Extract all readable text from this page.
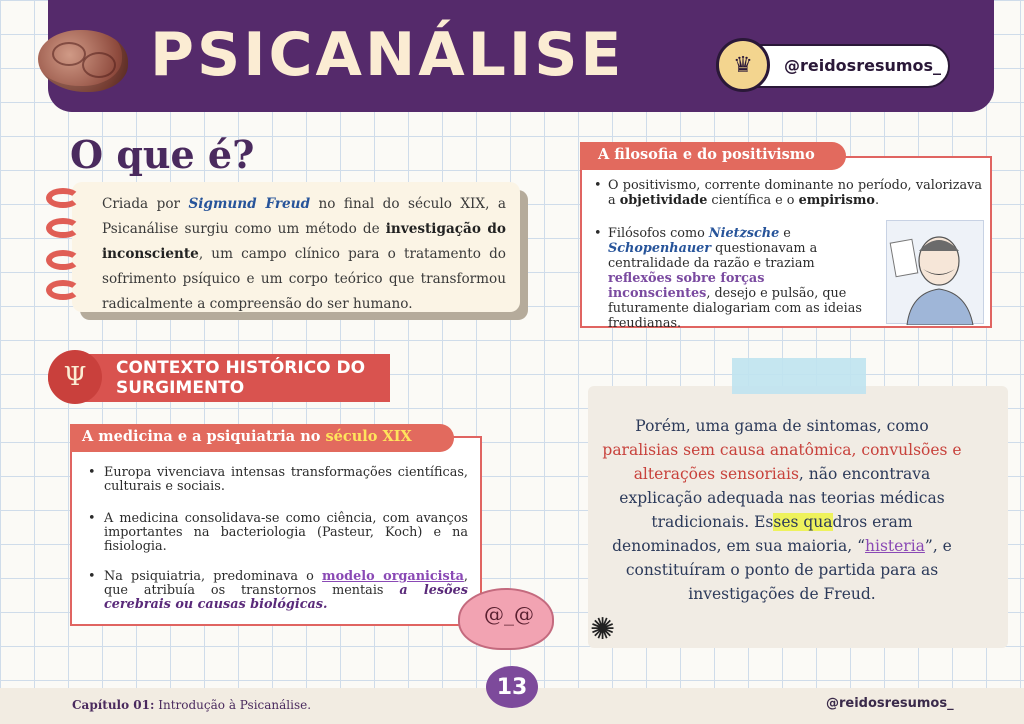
PSICANÁLISE	♛	@reidosresumos_
O que é?
Criada por Sigmund Freud no final do século XIX, a Psicanálise surgiu como um método de investigação do inconsciente, um campo clínico para o tratamento do sofrimento psíquico e um corpo teórico que transformou radicalmente a compreensão do ser humano.
A filosofia e do positivismo
• O positivismo, corrente dominante no período, valorizava a objetividade científica e o empirismo.
• Filósofos como Nietzsche e Schopenhauer questionavam a centralidade da razão e traziam reflexões sobre forças inconscientes, desejo e pulsão, que futuramente dialogariam com as ideias freudianas.
Ψ	CONTEXTO HISTÓRICO DO
SURGIMENTO
A medicina e a psiquiatria no século XIX
• Europa vivenciava intensas transformações científicas, culturais e sociais.
• A medicina consolidava-se como ciência, com avanços importantes na bacteriologia (Pasteur, Koch) e na fisiologia.
• Na psiquiatria, predominava o modelo organicista, que atribuía os transtornos mentais a lesões cerebrais ou causas biológicas.
Porém, uma gama de sintomas, como paralisias sem causa anatômica, convulsões e alterações sensoriais, não encontrava explicação adequada nas teorias médicas tradicionais. Esses quadros eram denominados, em sua maioria, “histeria”, e constituíram o ponto de partida para as investigações de Freud.
@_@ ✺
Capítulo 01: Introdução à Psicanálise.
13
@reidosresumos_
